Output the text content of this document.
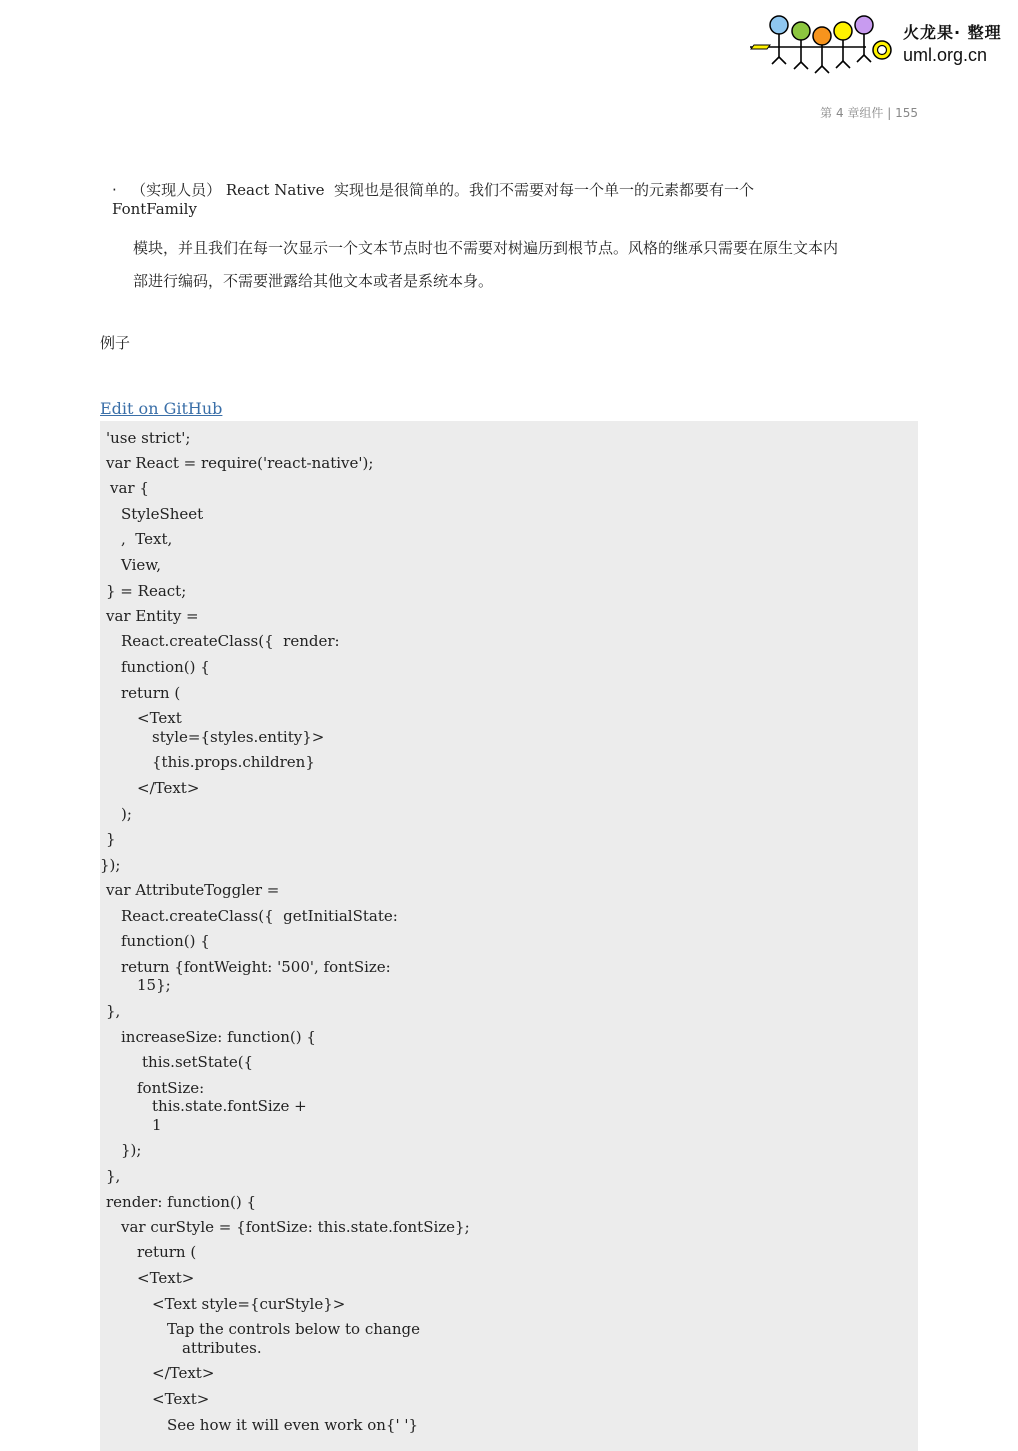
火龙果· 整理
uml.org.cn
第 4 章组件 | 155
· （实现人员） React Native 实现也是很简单的。我们不需要对每一个单一的元素都要有一个
FontFamily
模块，并且我们在每一次显示一个文本节点时也不需要对树遍历到根节点。风格的继承只需要在原生文本内
部进行编码，不需要泄露给其他文本或者是系统本身。
例子
Edit on GitHub
'use strict';
var React = require('react-native');
var {
StyleSheet
,  Text,
View,
} = React;
var Entity =
React.createClass({  render:
function() {
return (
<Text
style={styles.entity}>
{this.props.children}
</Text>
);
}
});
var AttributeToggler =
React.createClass({  getInitialState:
function() {
return {fontWeight: '500', fontSize:
15};
},
increaseSize: function() {
this.setState({
fontSize:
this.state.fontSize +
1
});
},
render: function() {
var curStyle = {fontSize: this.state.fontSize};
return (
<Text>
<Text style={curStyle}>
Tap the controls below to change
attributes.
</Text>
<Text>
See how it will even work on{' '}
